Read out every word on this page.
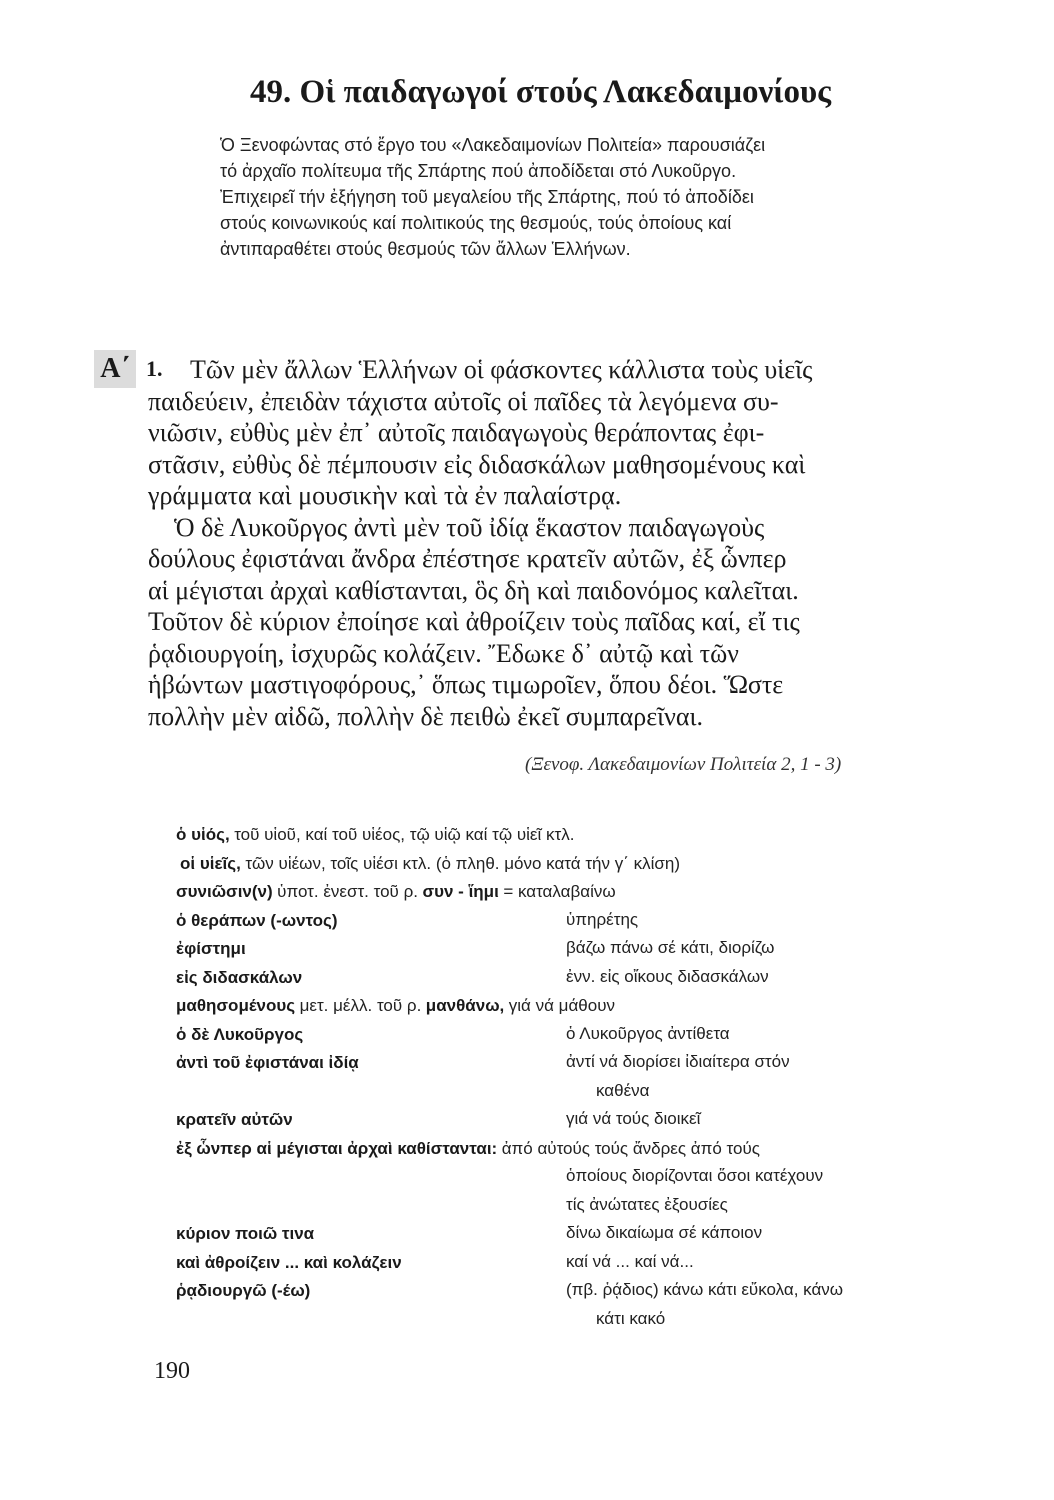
49. Οἱ παιδαγωγοί στούς Λακεδαιμονίους
Ὁ Ξενοφώντας στό ἔργο του «Λακεδαιμονίων Πολιτεία» παρουσιάζει
τό ἀρχαῖο πολίτευμα τῆς Σπάρτης πού ἀποδίδεται στό Λυκοῦργο.
Ἐπιχειρεῖ τήν ἐξήγηση τοῦ μεγαλείου τῆς Σπάρτης, πού τό ἀποδίδει
στούς κοινωνικούς καί πολιτικούς της θεσμούς, τούς ὁποίους καί
ἀντιπαραθέτει στούς θεσμούς τῶν ἄλλων Ἑλλήνων.
Α΄ 1.	Τῶν μὲν ἄλλων Ἑλλήνων οἱ φάσκοντες κάλλιστα τοὺς υἱεῖς
παιδεύειν, ἐπειδὰν τάχιστα αὐτοῖς οἱ παῖδες τὰ λεγόμενα συ-
νιῶσιν, εὐθὺς μὲν ἐπ᾽ αὐτοῖς παιδαγωγοὺς θεράποντας ἐφι-
στᾶσιν, εὐθὺς δὲ πέμπουσιν εἰς διδασκάλων μαθησομένους καὶ
γράμματα καὶ μουσικὴν καὶ τὰ ἐν παλαίστρᾳ.
Ὁ δὲ Λυκοῦργος ἀντὶ μὲν τοῦ ἰδίᾳ ἕκαστον παιδαγωγοὺς
δούλους ἐφιστάναι ἄνδρα ἐπέστησε κρατεῖν αὐτῶν, ἐξ ὧνπερ
αἱ μέγισται ἀρχαὶ καθίστανται, ὃς δὴ καὶ παιδονόμος καλεῖται.
Τοῦτον δὲ κύριον ἐποίησε καὶ ἀθροίζειν τοὺς παῖδας καί, εἴ τις
ῥᾳδιουργοίη, ἰσχυρῶς κολάζειν. Ἔδωκε δ᾽ αὐτῷ καὶ τῶν
ἡβώντων μαστιγοφόρους,᾽ ὅπως τιμωροῖεν, ὅπου δέοι. Ὥστε
πολλὴν μὲν αἰδῶ, πολλὴν δὲ πειθὼ ἐκεῖ συμπαρεῖναι.
(Ξενοφ. Λακεδαιμονίων Πολιτεία 2, 1 - 3)
ὁ υἱός, τοῦ υἱοῦ, καί τοῦ υἱέος, τῷ υἱῷ καί τῷ υἱεῖ κτλ.
οἱ υἱεῖς, τῶν υἱέων, τοῖς υἱέσι κτλ. (ὁ πληθ. μόνο κατά τήν γ΄ κλίση)
συνιῶσιν(ν) ὑποτ. ἐνεστ. τοῦ ρ. συν - ἵημι = καταλαβαίνω
ὁ θεράπων (-ωντος)	ὑπηρέτης
ἐφίστημι	βάζω πάνω σέ κάτι, διορίζω
εἰς διδασκάλων	ἐνν. εἰς οἴκους διδασκάλων
μαθησομένους μετ. μέλλ. τοῦ ρ. μανθάνω, γιά νά μάθουν
ὁ δὲ Λυκοῦργος	ὁ Λυκοῦργος ἀντίθετα
ἀντὶ τοῦ ἐφιστάναι ἰδίᾳ	ἀντί νά διορίσει ἰδιαίτερα στόν
καθένα
κρατεῖν αὐτῶν	γιά νά τούς διοικεῖ
ἐξ ὧνπερ αἱ μέγισται ἀρχαὶ καθίστανται: ἀπό αὐτούς τούς ἄνδρες ἀπό τούς
ὁποίους διορίζονται ὅσοι κατέχουν
τίς ἀνώτατες ἐξουσίες
κύριον ποιῶ τινα	δίνω δικαίωμα σέ κάποιον
καὶ ἀθροίζειν ... καὶ κολάζειν	καί νά ... καί νά...
ῥᾳδιουργῶ (-έω)	(πβ. ῥᾴδιος) κάνω κάτι εὔκολα, κάνω
κάτι κακό
190
